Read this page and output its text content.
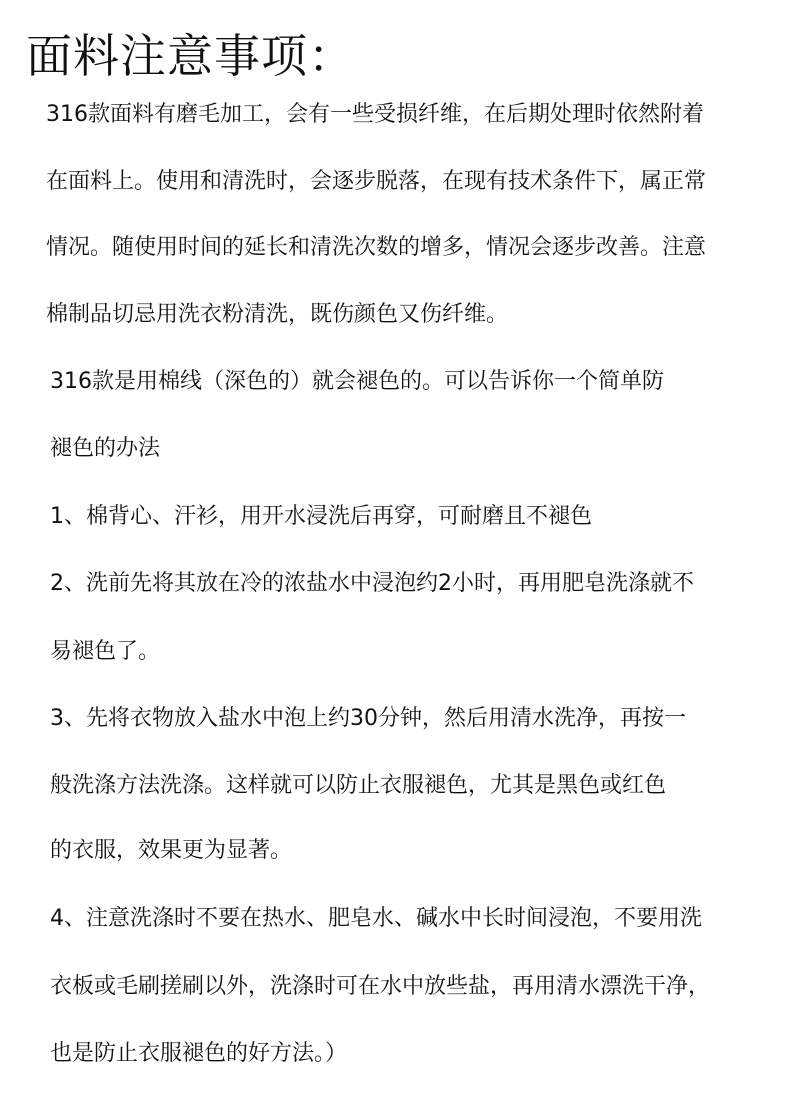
面料注意事项：
316款面料有磨毛加工，会有一些受损纤维，在后期处理时依然附着
在面料上。使用和清洗时，会逐步脱落，在现有技术条件下，属正常
情况。随使用时间的延长和清洗次数的增多，情况会逐步改善。注意
棉制品切忌用洗衣粉清洗，既伤颜色又伤纤维。
316款是用棉线（深色的）就会褪色的。可以告诉你一个简单防
褪色的办法
1、棉背心、汗衫，用开水浸洗后再穿，可耐磨且不褪色
2、洗前先将其放在冷的浓盐水中浸泡约2小时，再用肥皂洗涤就不
易褪色了。
3、先将衣物放入盐水中泡上约30分钟，然后用清水洗净，再按一
般洗涤方法洗涤。这样就可以防止衣服褪色，尤其是黑色或红色
的衣服，效果更为显著。
4、注意洗涤时不要在热水、肥皂水、碱水中长时间浸泡，不要用洗
衣板或毛刷搓刷以外，洗涤时可在水中放些盐，再用清水漂洗干净，
也是防止衣服褪色的好方法。）
